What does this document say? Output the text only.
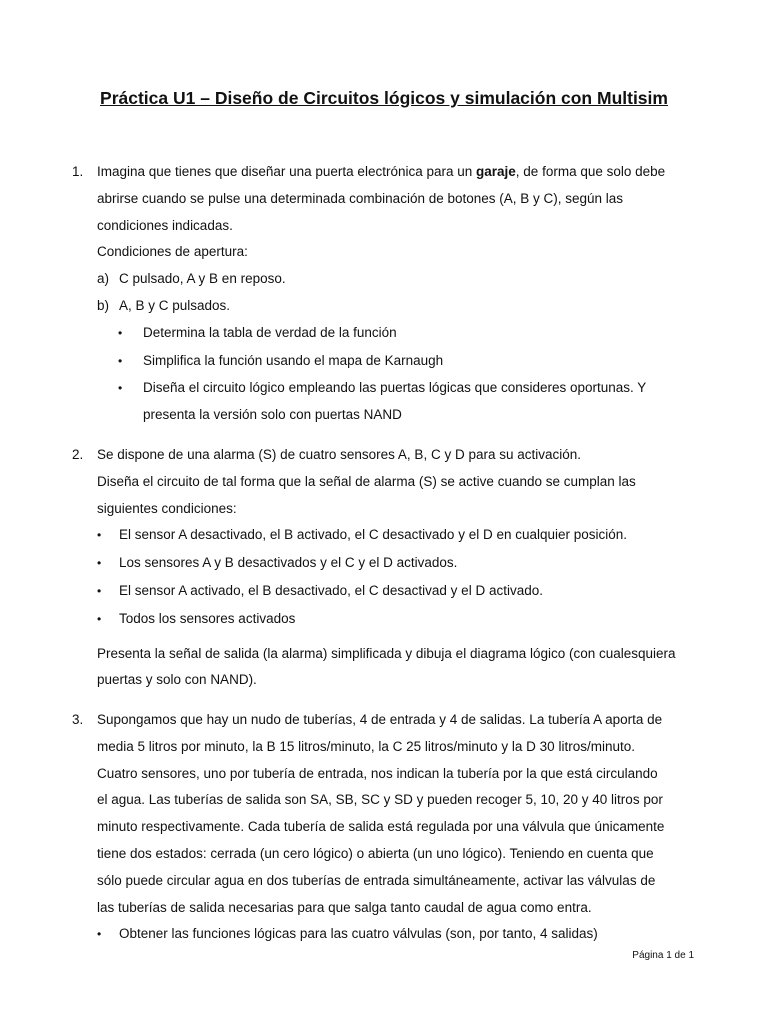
Práctica U1 – Diseño de Circuitos lógicos y simulación con Multisim
1. Imagina que tienes que diseñar una puerta electrónica para un garaje, de forma que solo debe
abrirse cuando se pulse una determinada combinación de botones (A, B y C), según las
condiciones indicadas.
Condiciones de apertura:
a) C pulsado, A y B en reposo.
b) A, B y C pulsados.
• Determina la tabla de verdad de la función
• Simplifica la función usando el mapa de Karnaugh
• Diseña el circuito lógico empleando las puertas lógicas que consideres oportunas. Y
presenta la versión solo con puertas NAND
2. Se dispone de una alarma (S) de cuatro sensores A, B, C y D para su activación.
Diseña el circuito de tal forma que la señal de alarma (S) se active cuando se cumplan las
siguientes condiciones:
• El sensor A desactivado, el B activado, el C desactivado y el D en cualquier posición.
• Los sensores A y B desactivados y el C y el D activados.
• El sensor A activado, el B desactivado, el C desactivad y el D activado.
• Todos los sensores activados
Presenta la señal de salida (la alarma) simplificada y dibuja el diagrama lógico (con cualesquiera
puertas y solo con NAND).
3. Supongamos que hay un nudo de tuberías, 4 de entrada y 4 de salidas. La tubería A aporta de
media 5 litros por minuto, la B 15 litros/minuto, la C 25 litros/minuto y la D 30 litros/minuto.
Cuatro sensores, uno por tubería de entrada, nos indican la tubería por la que está circulando
el agua. Las tuberías de salida son SA, SB, SC y SD y pueden recoger 5, 10, 20 y 40 litros por
minuto respectivamente. Cada tubería de salida está regulada por una válvula que únicamente
tiene dos estados: cerrada (un cero lógico) o abierta (un uno lógico). Teniendo en cuenta que
sólo puede circular agua en dos tuberías de entrada simultáneamente, activar las válvulas de
las tuberías de salida necesarias para que salga tanto caudal de agua como entra.
• Obtener las funciones lógicas para las cuatro válvulas (son, por tanto, 4 salidas)
Página 1 de 1
